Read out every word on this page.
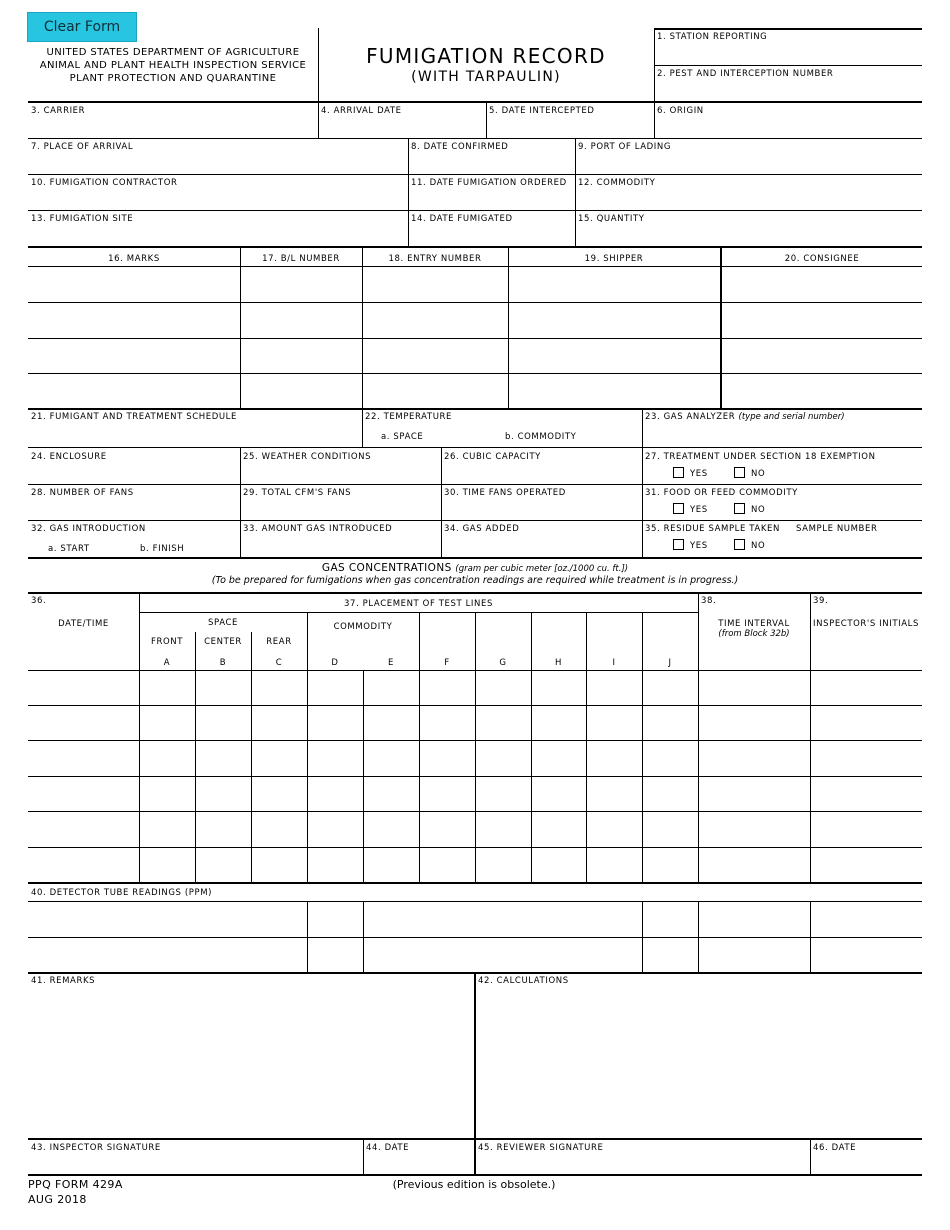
Clear Form
UNITED STATES DEPARTMENT OF AGRICULTURE
ANIMAL AND PLANT HEALTH INSPECTION SERVICE
PLANT PROTECTION AND QUARANTINE
FUMIGATION RECORD
(WITH TARPAULIN)
1. STATION REPORTING
2. PEST AND INTERCEPTION NUMBER
3. CARRIER	4. ARRIVAL DATE	5. DATE INTERCEPTED	6. ORIGIN
7. PLACE OF ARRIVAL	8. DATE CONFIRMED	9. PORT OF LADING
10. FUMIGATION CONTRACTOR	11. DATE FUMIGATION ORDERED 12. COMMODITY
13. FUMIGATION SITE	14. DATE FUMIGATED	15. QUANTITY
16. MARKS	17. B/L NUMBER	18. ENTRY NUMBER	19. SHIPPER	20. CONSIGNEE
21. FUMIGANT AND TREATMENT SCHEDULE	22. TEMPERATURE
a. SPACE	b. COMMODITY
23. GAS ANALYZER (type and serial number)
24. ENCLOSURE	25. WEATHER CONDITIONS	26. CUBIC CAPACITY	27. TREATMENT UNDER SECTION 18 EXEMPTION
YES	NO
28. NUMBER OF FANS	29. TOTAL CFM'S FANS	30. TIME FANS OPERATED	31. FOOD OR FEED COMMODITY
YES	NO
32. GAS INTRODUCTION
a. START	b. FINISH
33. AMOUNT GAS INTRODUCED	34. GAS ADDED	35. RESIDUE SAMPLE TAKEN SAMPLE NUMBER
YES	NO
GAS CONCENTRATIONS (gram per cubic meter [oz./1000 cu. ft.])
(To be prepared for fumigations when gas concentration readings are required while treatment is in progress.)
36.
DATE/TIME
37. PLACEMENT OF TEST LINES
SPACE	COMMODITY
FRONT	CENTER	REAR
A	B	C	D	E	F	G	H	I	J
38.
TIME INTERVAL
(from Block 32b)
39.
INSPECTOR'S INITIALS
40. DETECTOR TUBE READINGS (PPM)
41. REMARKS	42. CALCULATIONS
43. INSPECTOR SIGNATURE	44. DATE	45. REVIEWER SIGNATURE	46. DATE
PPQ FORM 429A
AUG 2018
(Previous edition is obsolete.)
